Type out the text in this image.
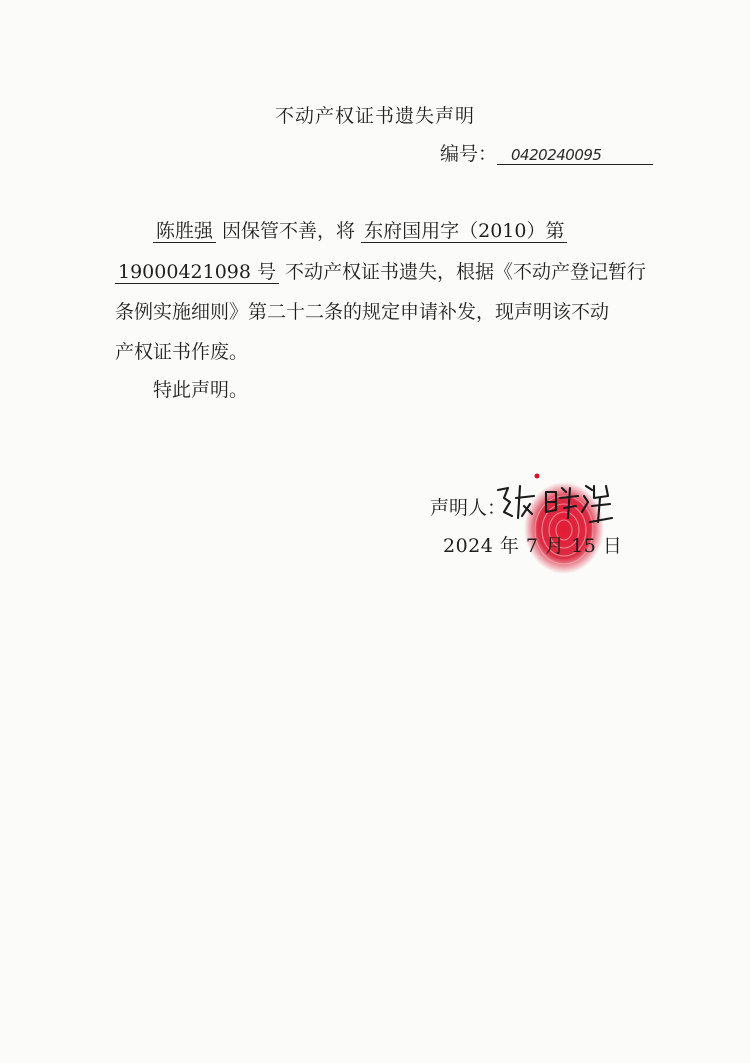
不动产权证书遗失声明
编号： 0420240095
陈胜强 因保管不善，将 东府国用字（2010）第
19000421098 号 不动产权证书遗失，根据《不动产登记暂行
条例实施细则》第二十二条的规定申请补发，现声明该不动
产权证书作废。
特此声明。
声明人：
2024 年 7 月 15 日
